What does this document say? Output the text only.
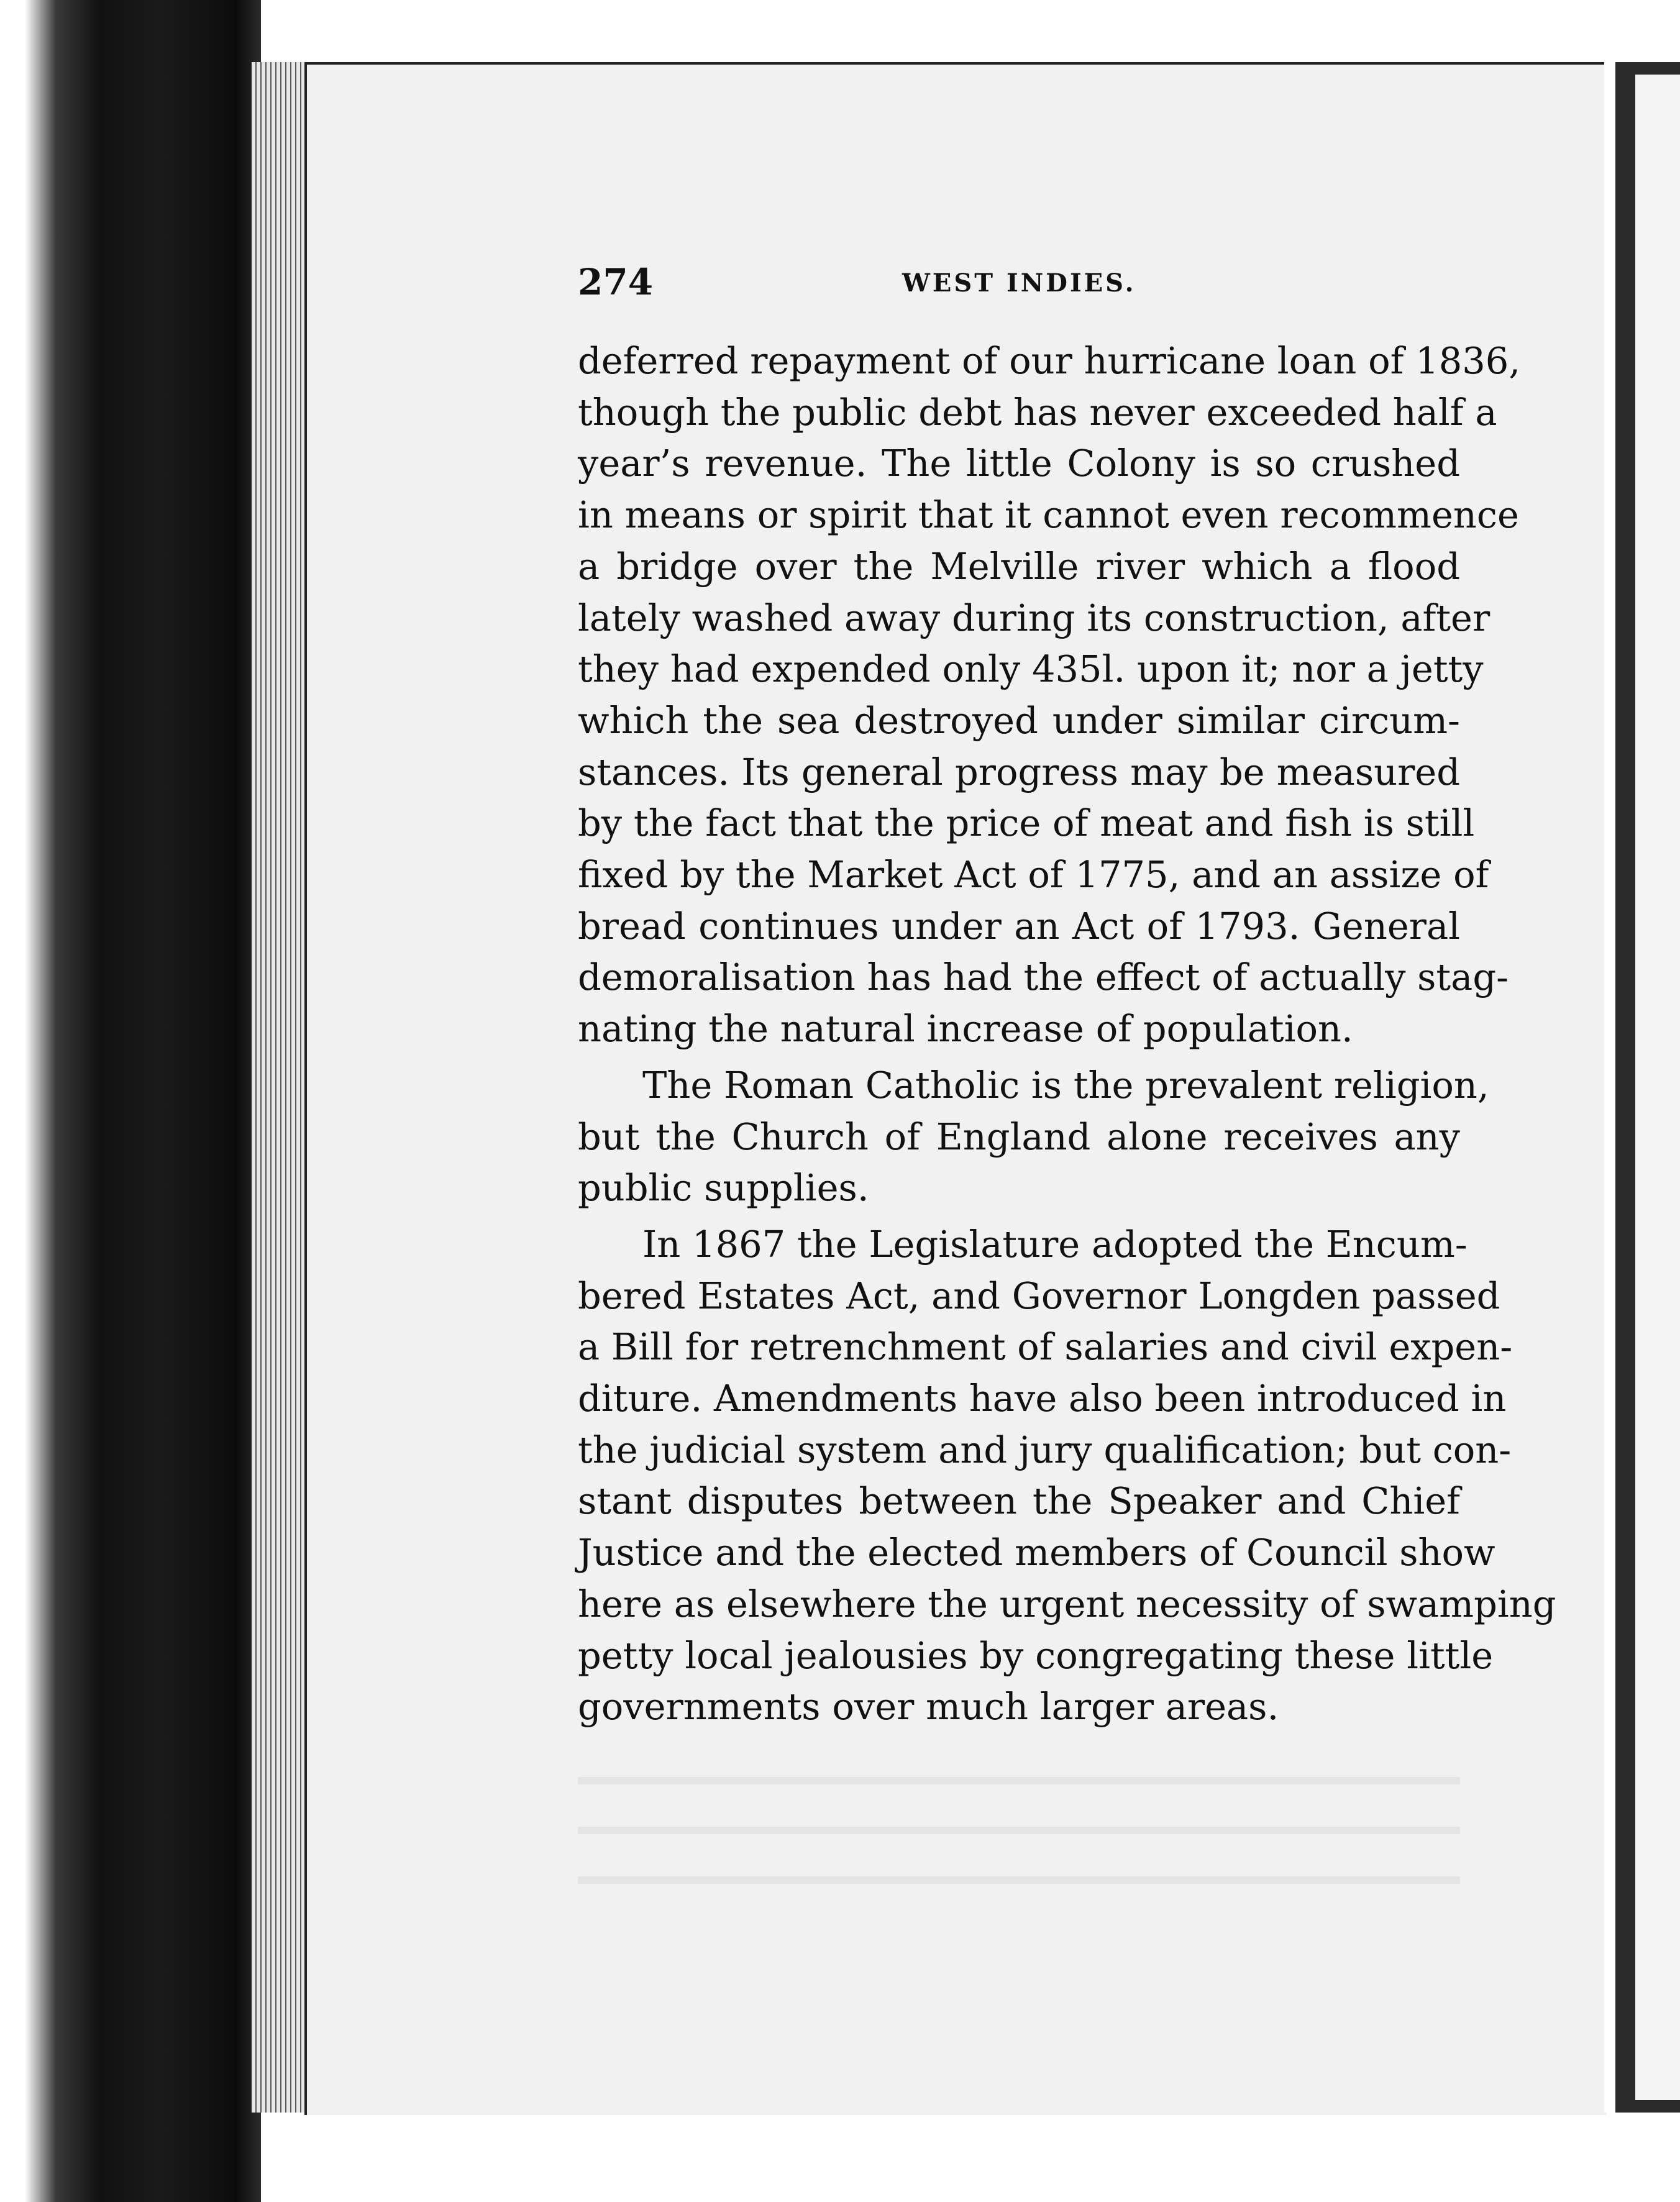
274	WEST INDIES.

deferred repayment of our hurricane loan of 1836,
though the public debt has never exceeded half a
year’s revenue. The little Colony is so crushed
in means or spirit that it cannot even recommence
a bridge over the Melville river which a flood
lately washed away during its construction, after
they had expended only 435l. upon it; nor a jetty
which the sea destroyed under similar circum-
stances. Its general progress may be measured
by the fact that the price of meat and fish is still
fixed by the Market Act of 1775, and an assize of
bread continues under an Act of 1793. General
demoralisation has had the effect of actually stag-
nating the natural increase of population.

The Roman Catholic is the prevalent religion,
but the Church of England alone receives any
public supplies.

In 1867 the Legislature adopted the Encum-
bered Estates Act, and Governor Longden passed
a Bill for retrenchment of salaries and civil expen-
diture. Amendments have also been introduced in
the judicial system and jury qualification; but con-
stant disputes between the Speaker and Chief
Justice and the elected members of Council show
here as elsewhere the urgent necessity of swamping
petty local jealousies by congregating these little
governments over much larger areas.
